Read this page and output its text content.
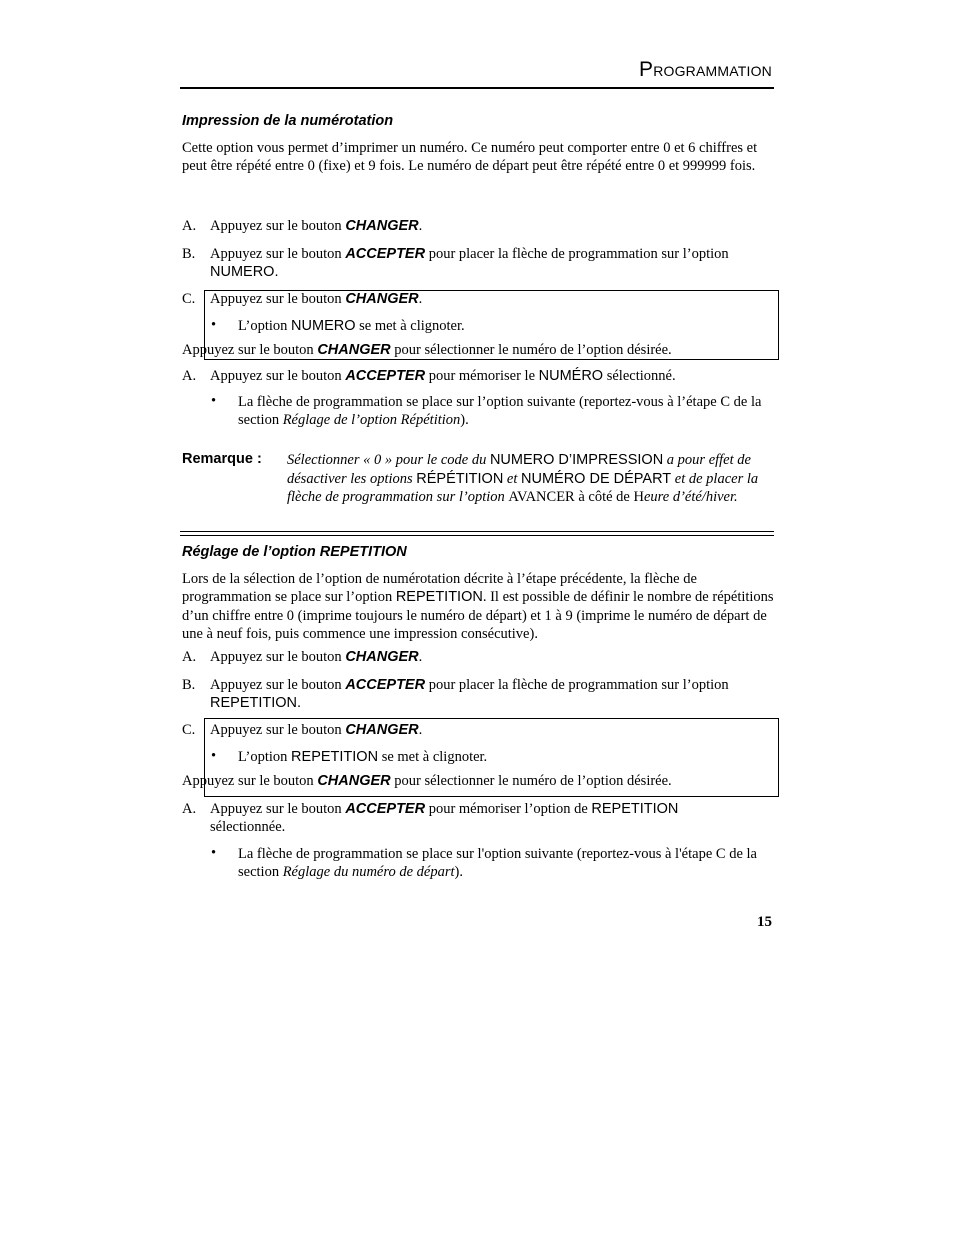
PROGRAMMATION
Impression de la numérotation
Cette option vous permet d’imprimer un numéro. Ce numéro peut comporter entre 0 et 6 chiffres et peut être répété entre 0 (fixe) et 9 fois. Le numéro de départ peut être répété entre 0 et 999999 fois.
A. Appuyez sur le bouton CHANGER.
B. Appuyez sur le bouton ACCEPTER pour placer la flèche de programmation sur l’option NUMERO.
C. Appuyez sur le bouton CHANGER.
• L’option NUMERO se met à clignoter.
Appuyez sur le bouton CHANGER pour sélectionner le numéro de l’option désirée.
A. Appuyez sur le bouton ACCEPTER pour mémoriser le NUMÉRO sélectionné.
• La flèche de programmation se place sur l’option suivante (reportez-vous à l’étape C de la section Réglage de l’option Répétition).
Remarque : Sélectionner « 0 » pour le code du NUMERO D’IMPRESSION a pour effet de désactiver les options RÉPÉTITION et NUMÉRO DE DÉPART et de placer la flèche de programmation sur l’option AVANCER à côté de Heure d’été/hiver.
Réglage de l’option REPETITION
Lors de la sélection de l’option de numérotation décrite à l’étape précédente, la flèche de programmation se place sur l’option REPETITION. Il est possible de définir le nombre de répétitions d’un chiffre entre 0 (imprime toujours le numéro de départ) et 1 à 9 (imprime le numéro de départ de une à neuf fois, puis commence une impression consécutive).
A. Appuyez sur le bouton CHANGER.
B. Appuyez sur le bouton ACCEPTER pour placer la flèche de programmation sur l’option REPETITION.
C. Appuyez sur le bouton CHANGER.
• L’option REPETITION se met à clignoter.
Appuyez sur le bouton CHANGER pour sélectionner le numéro de l’option désirée.
A. Appuyez sur le bouton ACCEPTER pour mémoriser l’option de REPETITION sélectionnée.
• La flèche de programmation se place sur l'option suivante (reportez-vous à l'étape C de la section Réglage du numéro de départ).
15
